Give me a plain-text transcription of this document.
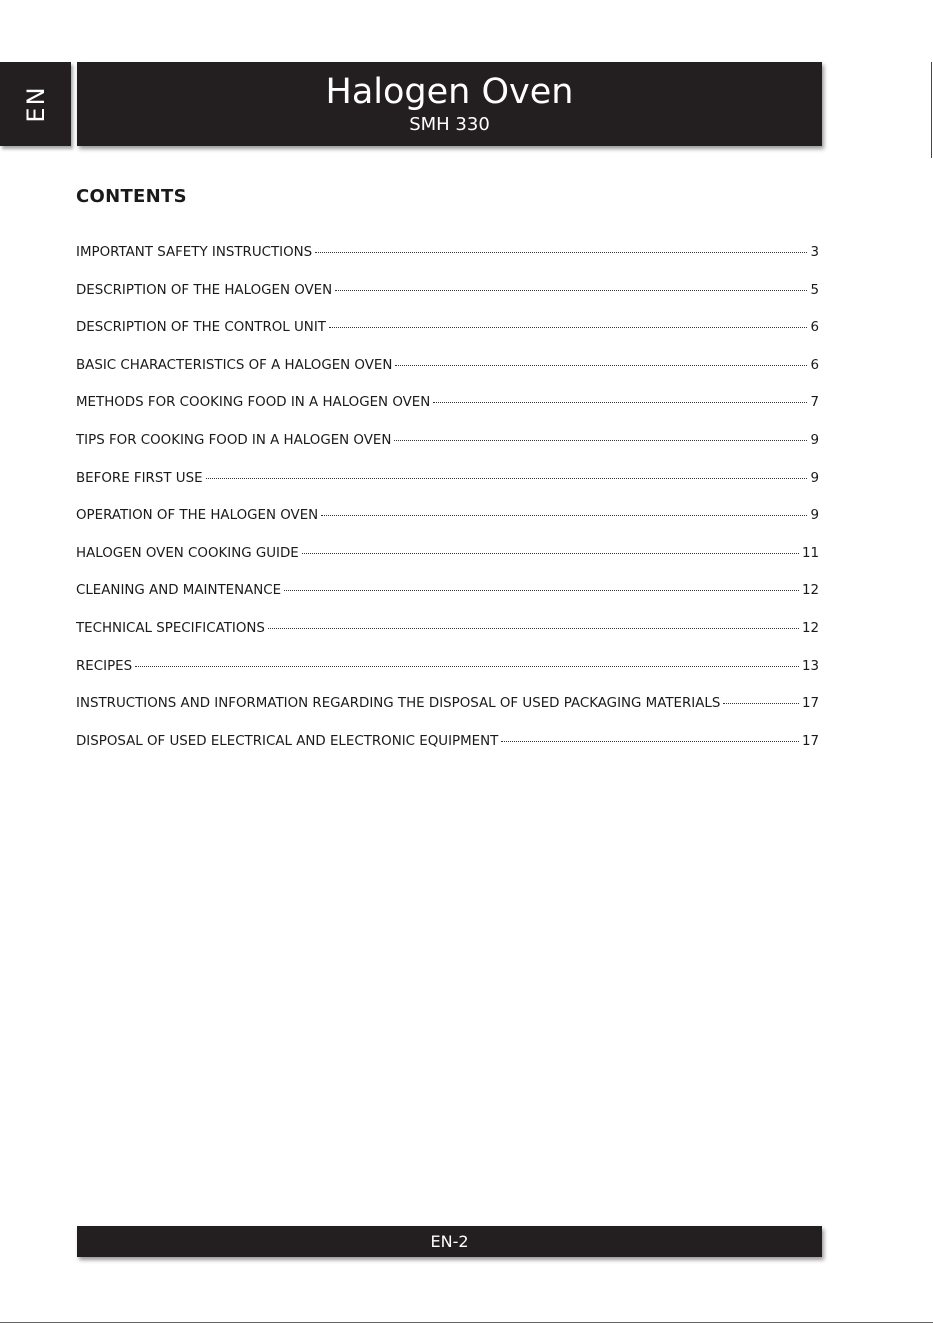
EN	Halogen Oven
SMH 330
CONTENTS
IMPORTANT SAFETY INSTRUCTIONS	3
DESCRIPTION OF THE HALOGEN OVEN	5
DESCRIPTION OF THE CONTROL UNIT	6
BASIC CHARACTERISTICS OF A HALOGEN OVEN	6
METHODS FOR COOKING FOOD IN A HALOGEN OVEN	7
TIPS FOR COOKING FOOD IN A HALOGEN OVEN	9
BEFORE FIRST USE	9
OPERATION OF THE HALOGEN OVEN	9
HALOGEN OVEN COOKING GUIDE	11
CLEANING AND MAINTENANCE	12
TECHNICAL SPECIFICATIONS	12
RECIPES	13
INSTRUCTIONS AND INFORMATION REGARDING THE DISPOSAL OF USED PACKAGING MATERIALS	17
DISPOSAL OF USED ELECTRICAL AND ELECTRONIC EQUIPMENT	17
EN-2
